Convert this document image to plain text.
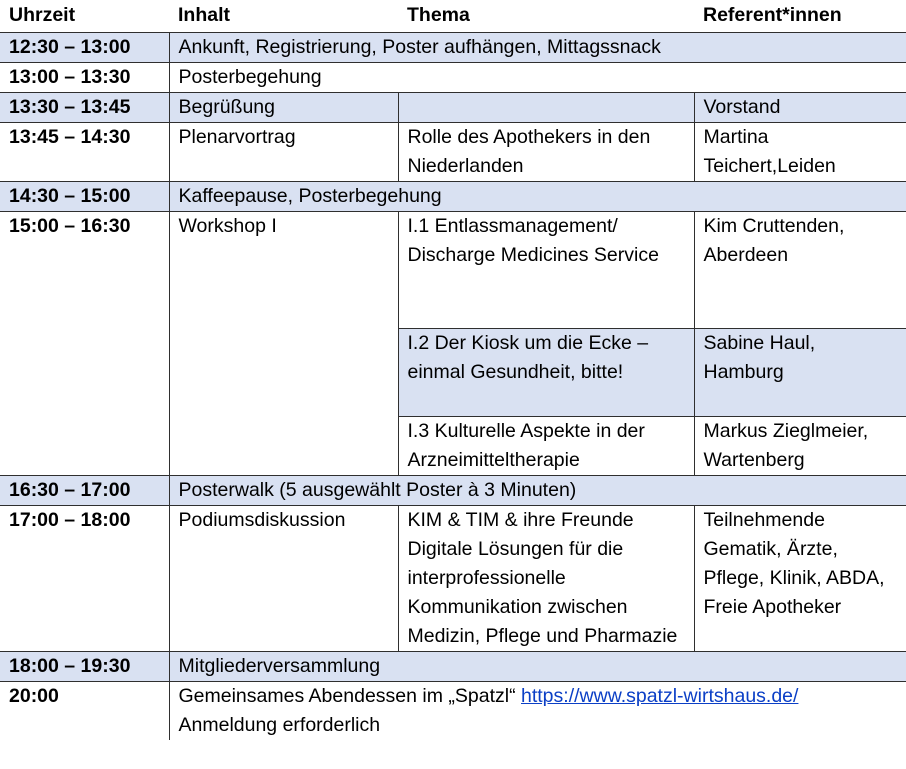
Uhrzeit	Inhalt	Thema	Referent*innen
12:30 – 13:00	Ankunft, Registrierung, Poster aufhängen, Mittagssnack		
13:00 – 13:30	Posterbegehung		
13:30 – 13:45	Begrüßung		Vorstand
13:45 – 14:30	Plenarvortrag	Rolle des Apothekers in den Niederlanden	Martina Teichert,Leiden
14:30 – 15:00	Kaffeepause, Posterbegehung		
15:00 – 16:30	Workshop I	I.1 Entlassmanagement/ Discharge Medicines Service	Kim Cruttenden, Aberdeen
		I.2 Der Kiosk um die Ecke – einmal Gesundheit, bitte!	Sabine Haul, Hamburg
		I.3 Kulturelle Aspekte in der Arzneimitteltherapie	Markus Zieglmeier, Wartenberg
16:30 – 17:00	Posterwalk (5 ausgewählt Poster à 3 Minuten)		
17:00 – 18:00	Podiumsdiskussion	KIM & TIM & ihre Freunde Digitale Lösungen für die interprofessionelle Kommunikation zwischen Medizin, Pflege und Pharmazie	Teilnehmende Gematik, Ärzte, Pflege, Klinik, ABDA, Freie Apotheker
18:00 – 19:30	Mitgliederversammlung		
20:00	Gemeinsames Abendessen im „Spatzl“ https://www.spatzl-wirtshaus.de/
Anmeldung erforderlich		
